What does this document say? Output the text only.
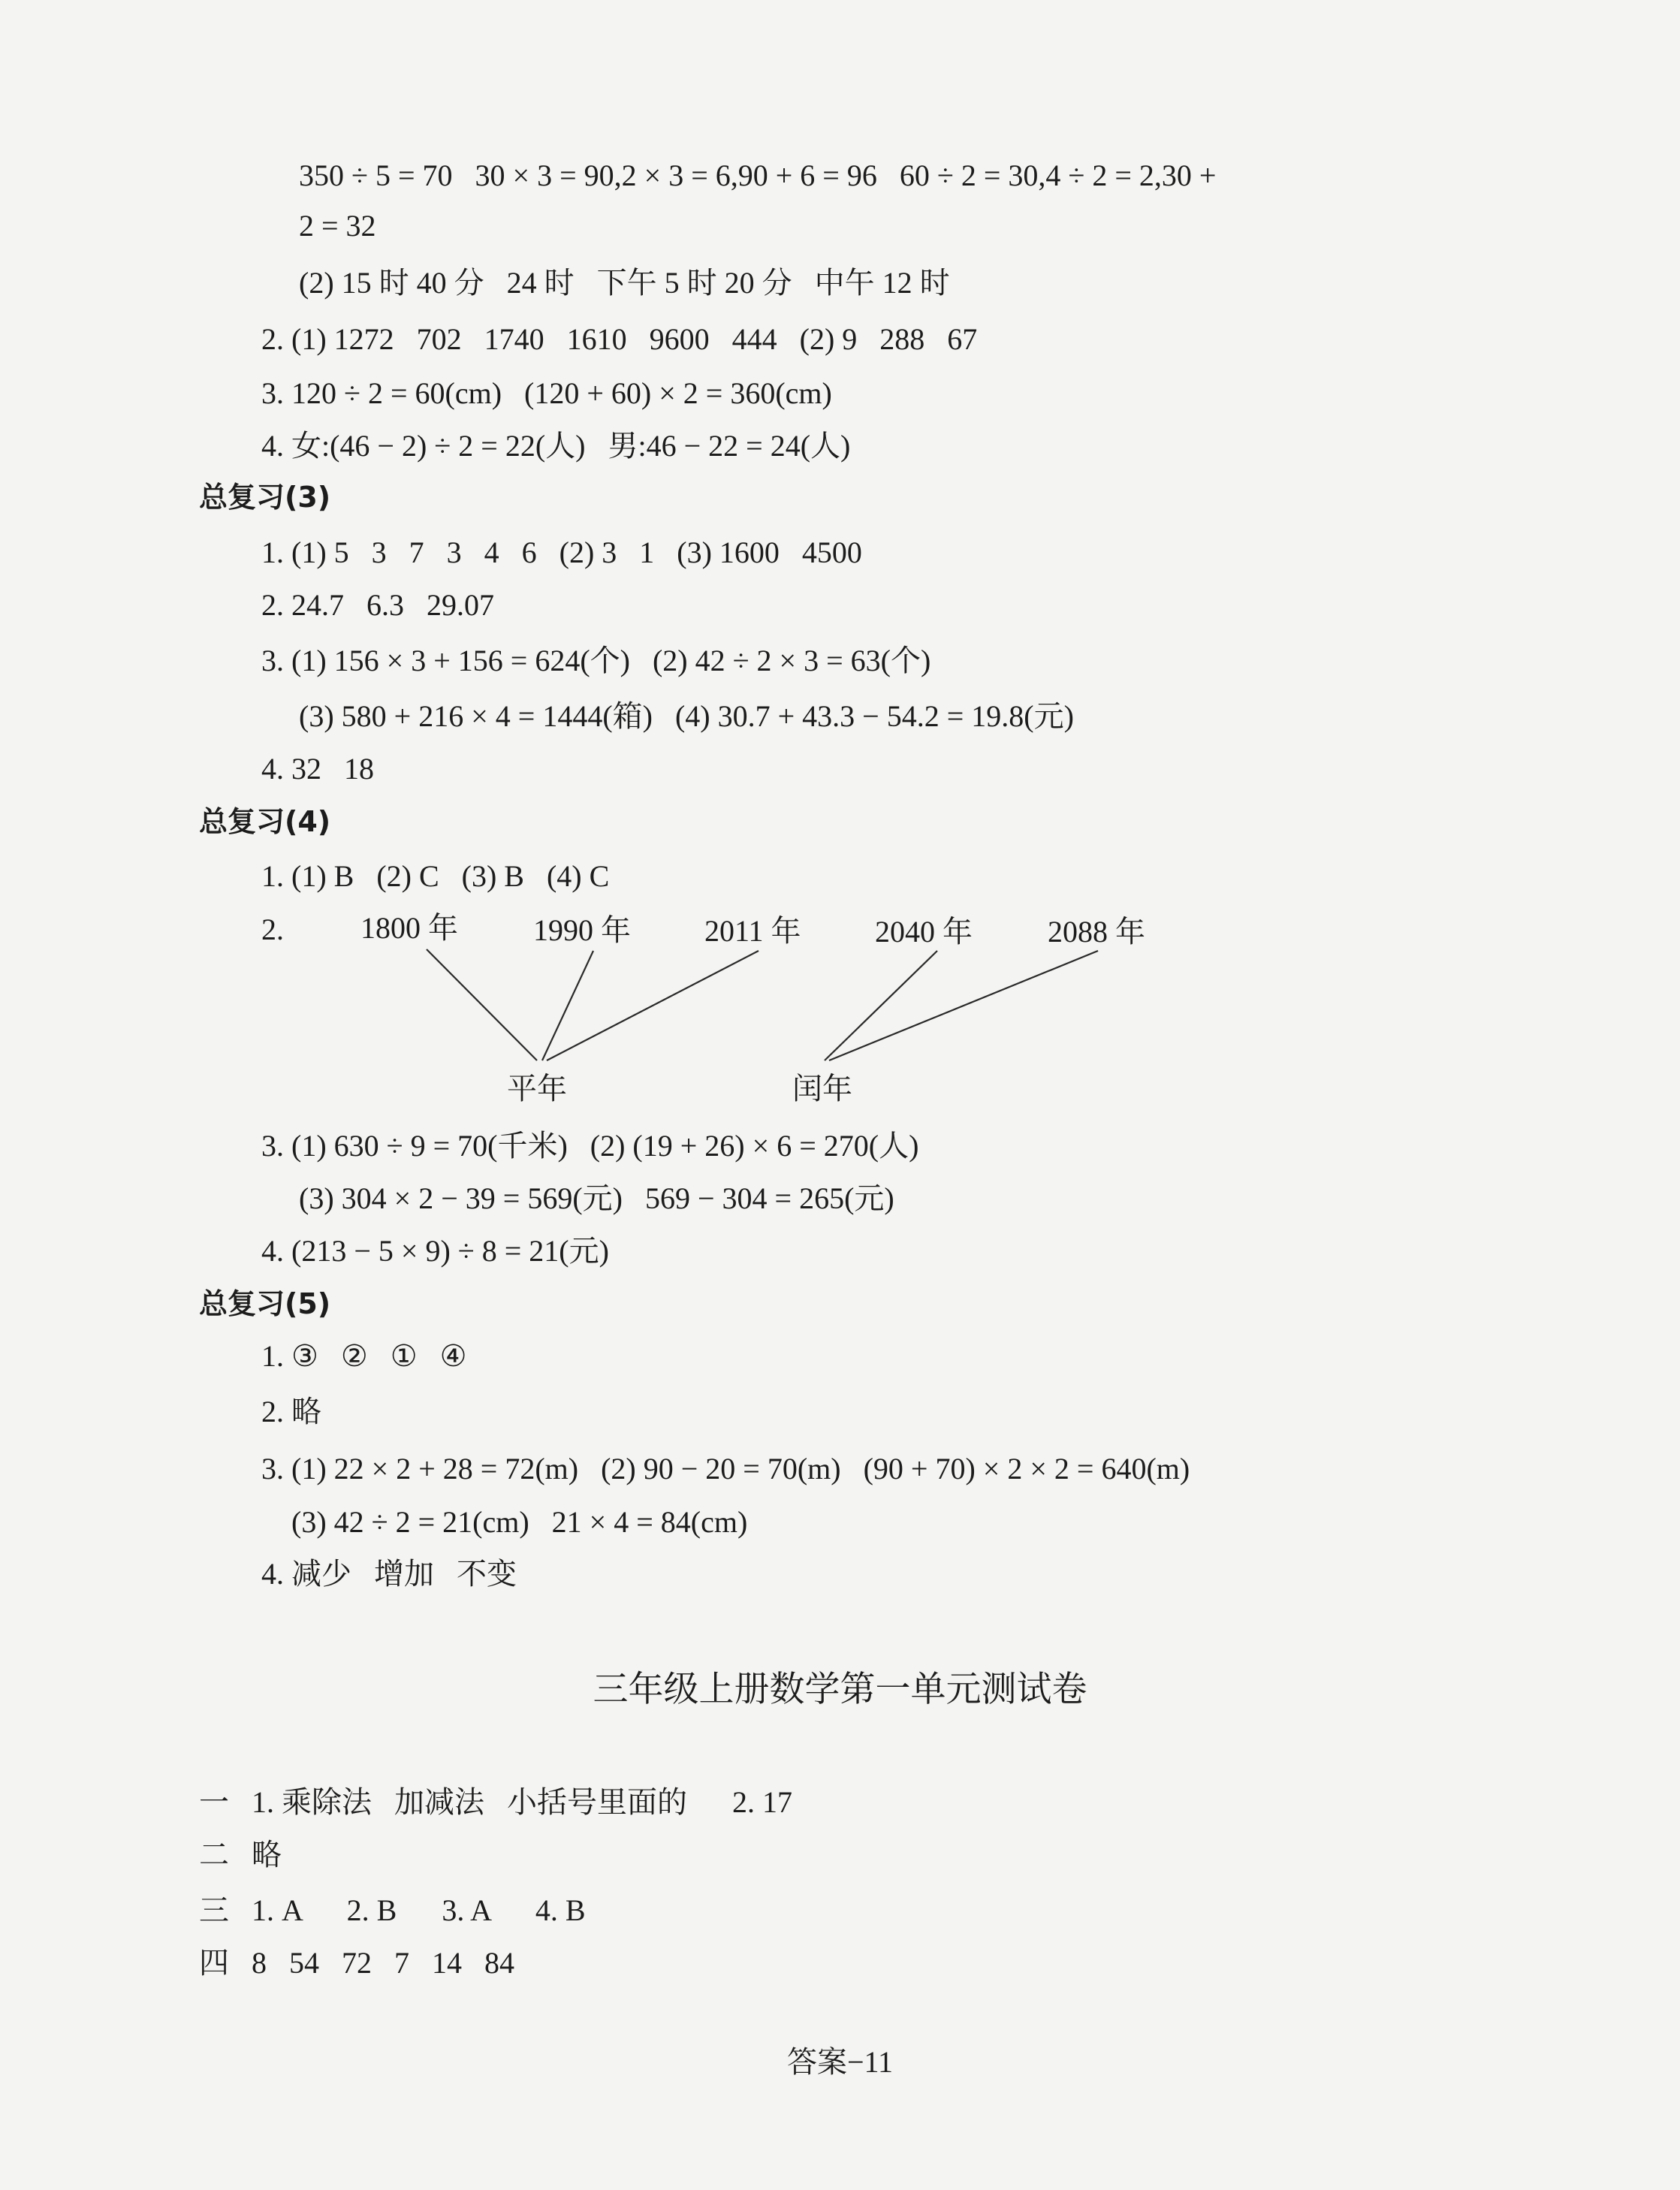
350 ÷ 5 = 70   30 × 3 = 90,2 × 3 = 6,90 + 6 = 96   60 ÷ 2 = 30,4 ÷ 2 = 2,30 +

2 = 32

(2) 15 时 40 分   24 时   下午 5 时 20 分   中午 12 时

2. (1) 1272   702   1740   1610   9600   444   (2) 9   288   67

3. 120 ÷ 2 = 60(cm)   (120 + 60) × 2 = 360(cm)

4. 女:(46 − 2) ÷ 2 = 22(人)   男:46 − 22 = 24(人)

总复习(3)

1. (1) 5   3   7   3   4   6   (2) 3   1   (3) 1600   4500

2. 24.7   6.3   29.07

3. (1) 156 × 3 + 156 = 624(个)   (2) 42 ÷ 2 × 3 = 63(个)

(3) 580 + 216 × 4 = 1444(箱)   (4) 30.7 + 43.3 − 54.2 = 19.8(元)

4. 32   18

总复习(4)

1. (1) B   (2) C   (3) B   (4) C

2.	1800 年	1990 年 2011 年 2040 年	2088 年
平年	闰年

3. (1) 630 ÷ 9 = 70(千米)   (2) (19 + 26) × 6 = 270(人)

(3) 304 × 2 − 39 = 569(元)   569 − 304 = 265(元)

4. (213 − 5 × 9) ÷ 8 = 21(元)

总复习(5)

1. ③   ②   ①   ④

2. 略

3. (1) 22 × 2 + 28 = 72(m)   (2) 90 − 20 = 70(m)   (90 + 70) × 2 × 2 = 640(m)

(3) 42 ÷ 2 = 21(cm)   21 × 4 = 84(cm)

4. 减少   增加   不变

三年级上册数学第一单元测试卷

一   1. 乘除法   加减法   小括号里面的      2. 17

二   略

三   1. A      2. B      3. A      4. B

四   8   54   72   7   14   84

答案−11
